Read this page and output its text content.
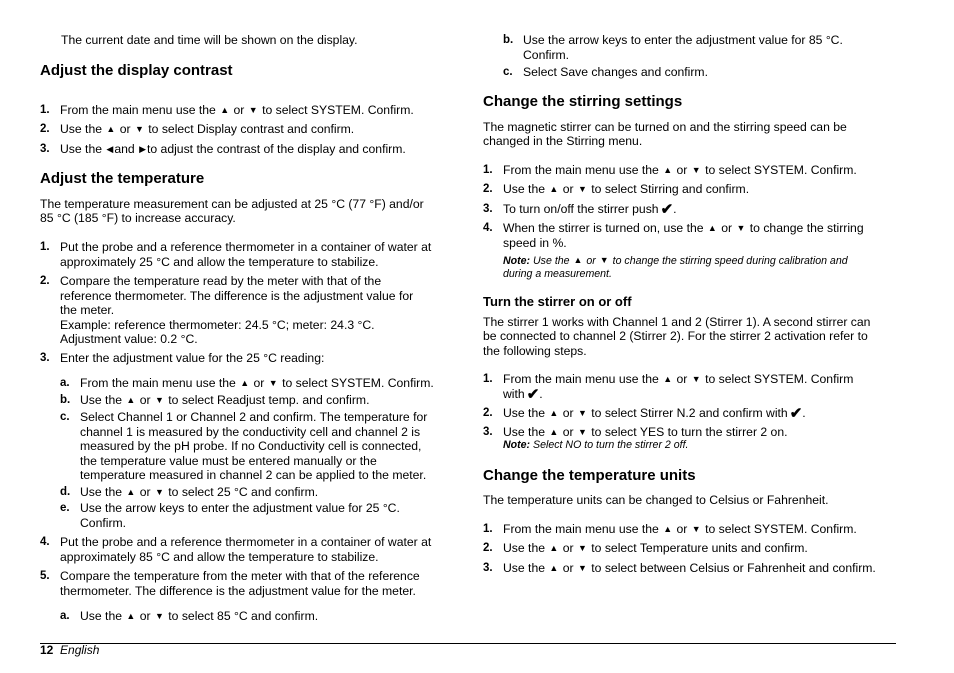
The current date and time will be shown on the display.

Adjust the display contrast
1. From the main menu use the ▲ or ▼ to select SYSTEM. Confirm.
2. Use the ▲ or ▼ to select Display contrast and confirm.
3. Use the ◀and ▶to adjust the contrast of the display and confirm.
Adjust the temperature

The temperature measurement can be adjusted at 25 °C (77 °F) and/or

85 °C (185 °F) to increase accuracy.

1. Put the probe and a reference thermometer in a container of water at
approximately 25 °C and allow the temperature to stabilize.
2. Compare the temperature read by the meter with that of the
reference thermometer. The difference is the adjustment value for
the meter.
Example: reference thermometer: 24.5 °C; meter: 24.3 °C.
Adjustment value: 0.2 °C.
3. Enter the adjustment value for the 25 °C reading:
a. From the main menu use the ▲ or ▼ to select SYSTEM. Confirm.
b. Use the ▲ or ▼ to select Readjust temp. and confirm.
c. Select Channel 1 or Channel 2 and confirm. The temperature for
channel 1 is measured by the conductivity cell and channel 2 is
measured by the pH probe. If no Conductivity cell is connected,
the temperature value must be entered manually or the
temperature measured in channel 2 can be applied to the meter.
d. Use the ▲ or ▼ to select 25 °C and confirm.
e. Use the arrow keys to enter the adjustment value for 25 °C.
Confirm.
4. Put the probe and a reference thermometer in a container of water at
approximately 85 °C and allow the temperature to stabilize.
5. Compare the temperature from the meter with that of the reference
thermometer. The difference is the adjustment value for the meter.
a. Use the ▲ or ▼ to select 85 °C and confirm.
b. Use the arrow keys to enter the adjustment value for 85 °C.
Confirm.
c. Select Save changes and confirm.
Change the stirring settings

The magnetic stirrer can be turned on and the stirring speed can be

changed in the Stirring menu.

1. From the main menu use the ▲ or ▼ to select SYSTEM. Confirm.
2. Use the ▲ or ▼ to select Stirring and confirm.
3. To turn on/off the stirrer push ✔.
4. When the stirrer is turned on, use the ▲ or ▼ to change the stirring
speed in %.
Note: Use the ▲ or ▼ to change the stirring speed during calibration and
during a measurement.
Turn the stirrer on or off

The stirrer 1 works with Channel 1 and 2 (Stirrer 1). A second stirrer can

be connected to channel 2 (Stirrer 2). For the stirrer 2 activation refer to

the following steps.

1. From the main menu use the ▲ or ▼ to select SYSTEM. Confirm
with ✔.
2. Use the ▲ or ▼ to select Stirrer N.2 and confirm with ✔.
3. Use the ▲ or ▼ to select YES to turn the stirrer 2 on.
Note: Select NO to turn the stirrer 2 off.
Change the temperature units

The temperature units can be changed to Celsius or Fahrenheit.

1. From the main menu use the ▲ or ▼ to select SYSTEM. Confirm.
2. Use the ▲ or ▼ to select Temperature units and confirm.
3. Use the ▲ or ▼ to select between Celsius or Fahrenheit and confirm.
12 English
